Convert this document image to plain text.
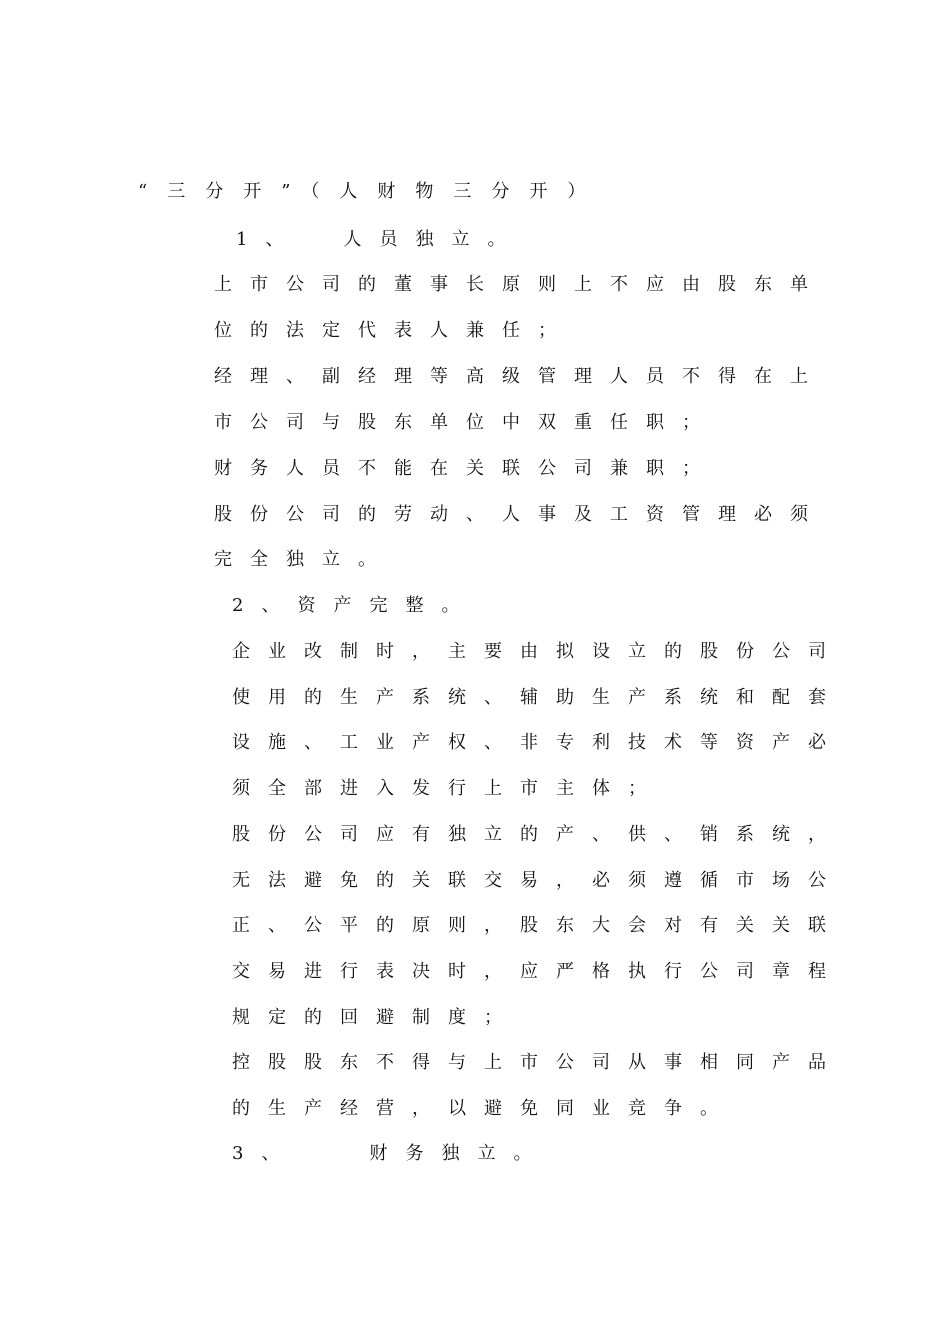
“三分开”（人财物三分开）
1、 人员独立。
上市公司的董事长原则上不应由股东单
位的法定代表人兼任；
经理、副经理等高级管理人员不得在上
市公司与股东单位中双重任职；
财务人员不能在关联公司兼职；
股份公司的劳动、人事及工资管理必须
完全独立。
2、资产完整。
企业改制时，主要由拟设立的股份公司
使用的生产系统、辅助生产系统和配套
设施、工业产权、非专利技术等资产必
须全部进入发行上市主体；
股份公司应有独立的产、供、销系统，
无法避免的关联交易，必须遵循市场公
正、公平的原则，股东大会对有关关联
交易进行表决时，应严格执行公司章程
规定的回避制度；
控股股东不得与上市公司从事相同产品
的生产经营，以避免同业竞争。
3、	财务独立。
